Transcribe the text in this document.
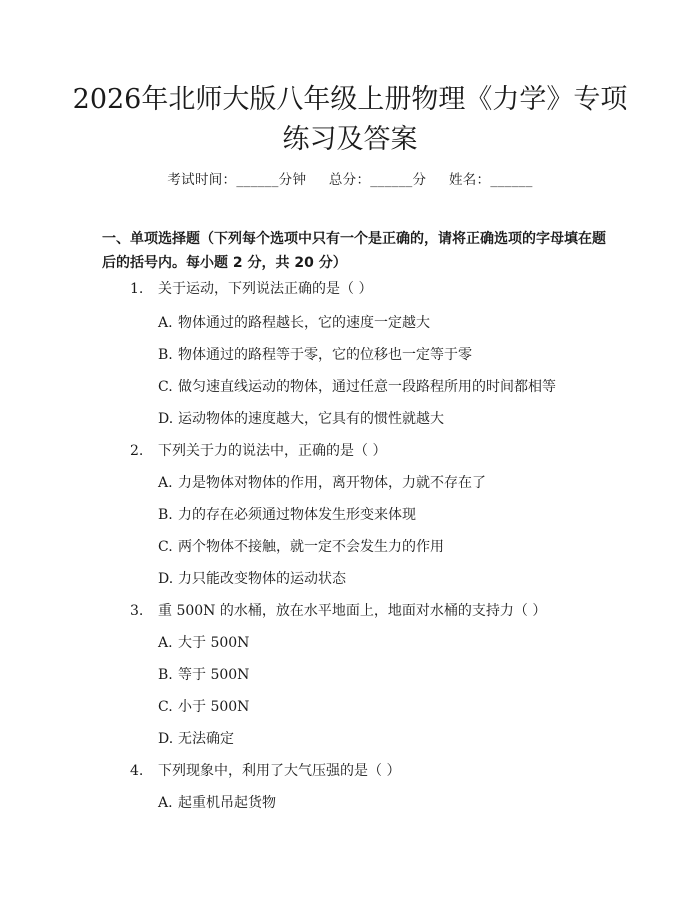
2026年北师大版八年级上册物理《力学》专项练习及答案
考试时间：______分钟 总分：______分 姓名：______
一、单项选择题（下列每个选项中只有一个是正确的，请将正确选项的字母填在题后的括号内。每小题 2 分，共 20 分）
1. 关于运动，下列说法正确的是（ ）
A. 物体通过的路程越长，它的速度一定越大
B. 物体通过的路程等于零，它的位移也一定等于零
C. 做匀速直线运动的物体，通过任意一段路程所用的时间都相等
D. 运动物体的速度越大，它具有的惯性就越大
2. 下列关于力的说法中，正确的是（ ）
A. 力是物体对物体的作用，离开物体，力就不存在了
B. 力的存在必须通过物体发生形变来体现
C. 两个物体不接触，就一定不会发生力的作用
D. 力只能改变物体的运动状态
3. 重 500N 的水桶，放在水平地面上，地面对水桶的支持力（ ）
A. 大于 500N
B. 等于 500N
C. 小于 500N
D. 无法确定
4. 下列现象中，利用了大气压强的是（ ）
A. 起重机吊起货物
